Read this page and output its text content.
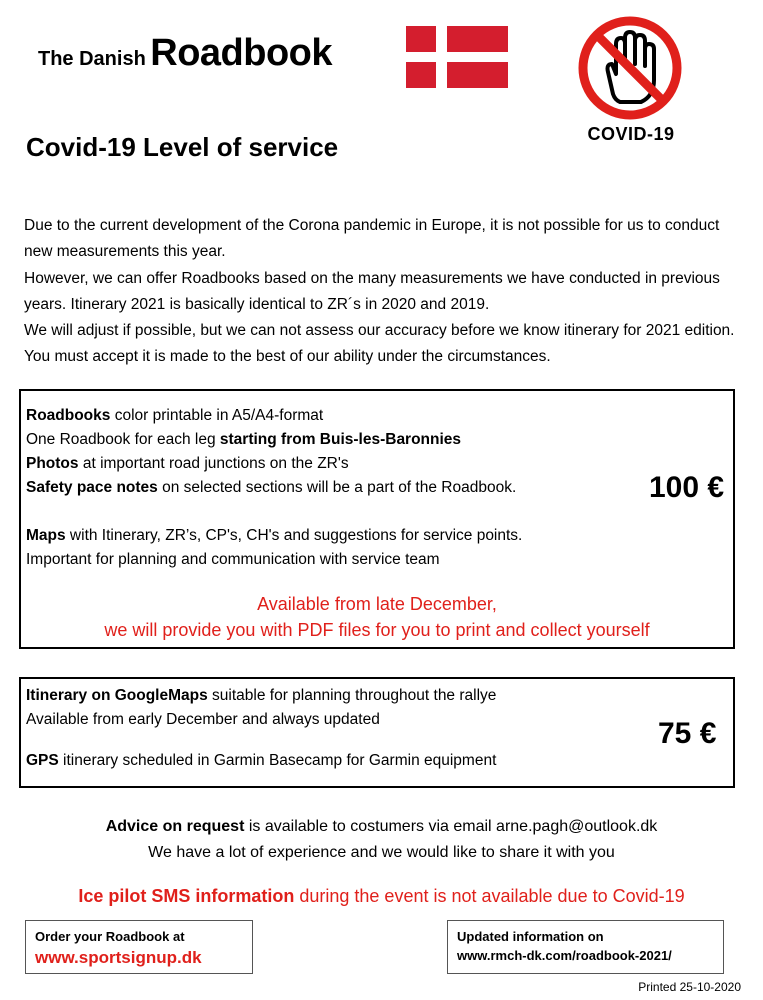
The Danish Roadbook
COVID-19
Covid-19 Level of service
Due to the current development of the Corona pandemic in Europe, it is not possible for us to conduct new measurements this year.
However, we can offer Roadbooks based on the many measurements we have conducted in previous years. Itinerary 2021 is basically identical to ZR´s in 2020 and 2019.
We will adjust if possible, but we can not assess our accuracy before we know itinerary for 2021 edition. You must accept it is made to the best of our ability under the circumstances.
Roadbooks color printable in A5/A4-format
One Roadbook for each leg starting from Buis-les-Baronnies
Photos at important road junctions on the ZR's
Safety pace notes on selected sections will be a part of the Roadbook.
Maps with Itinerary, ZR’s, CP's, CH's and suggestions for service points.
Important for planning and communication with service team
100 €
Available from late December,
we will provide you with PDF files for you to print and collect yourself
Itinerary on GoogleMaps suitable for planning throughout the rallye
Available from early December and always updated
GPS itinerary scheduled in Garmin Basecamp for Garmin equipment
75 €
Advice on request is available to costumers via email arne.pagh@outlook.dk
We have a lot of experience and we would like to share it with you
Ice pilot SMS information during the event is not available due to Covid-19
Order your Roadbook at
www.sportsignup.dk
Updated information on
www.rmch-dk.com/roadbook-2021/
Printed 25-10-2020
